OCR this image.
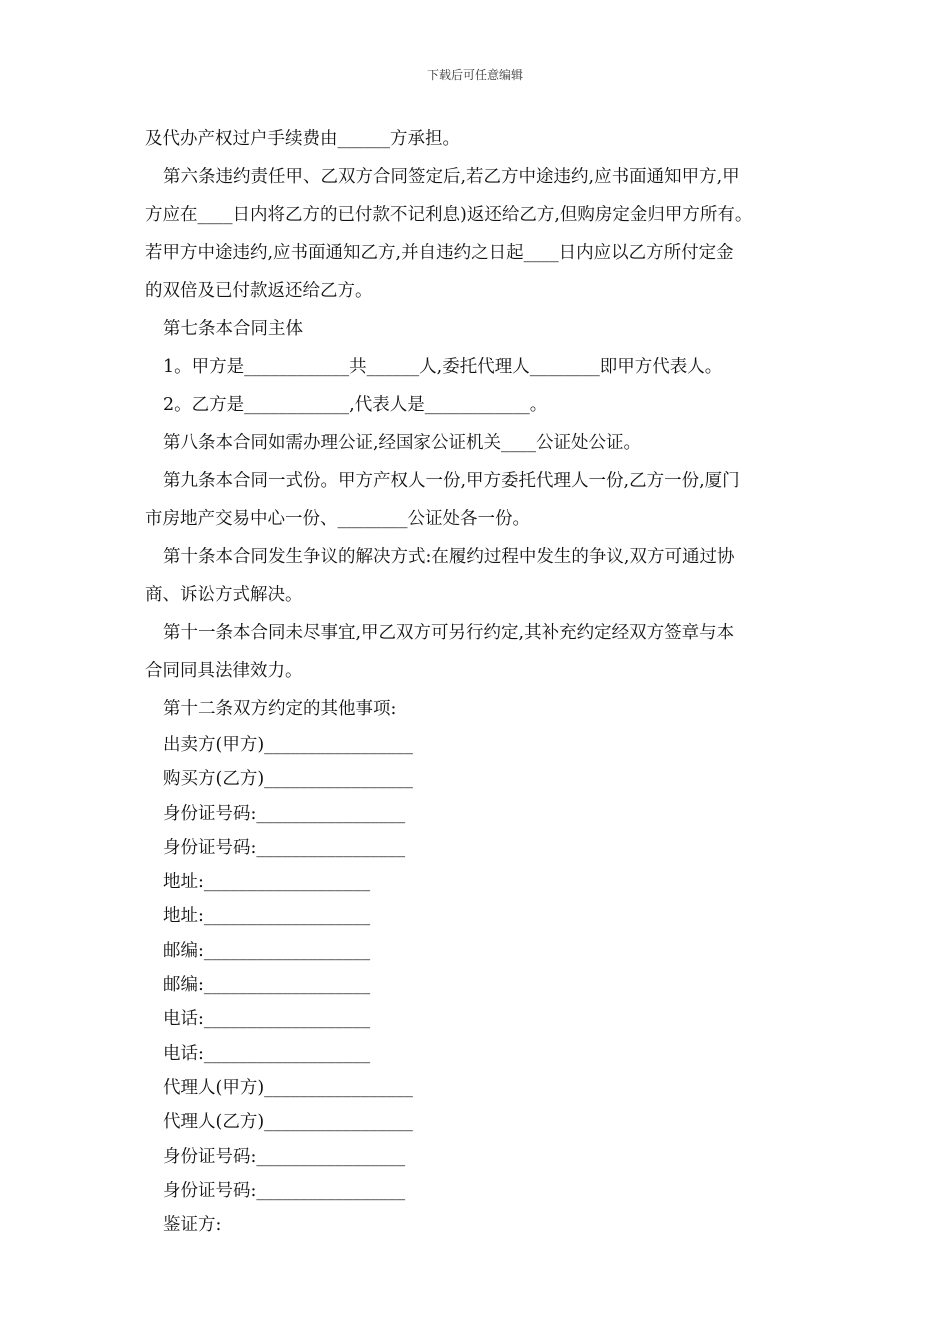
下载后可任意编辑

及代办产权过户手续费由______方承担。

第六条违约责任甲、乙双方合同签定后,若乙方中途违约,应书面通知甲方,甲

方应在____日内将乙方的已付款不记利息)返还给乙方,但购房定金归甲方所有。

若甲方中途违约,应书面通知乙方,并自违约之日起____日内应以乙方所付定金

的双倍及已付款返还给乙方。

第七条本合同主体

1。甲方是____________共______人,委托代理人________即甲方代表人。

2。乙方是____________,代表人是____________。

第八条本合同如需办理公证,经国家公证机关____公证处公证。

第九条本合同一式份。甲方产权人一份,甲方委托代理人一份,乙方一份,厦门

市房地产交易中心一份、________公证处各一份。

第十条本合同发生争议的解决方式:在履约过程中发生的争议,双方可通过协

商、诉讼方式解决。

第十一条本合同未尽事宜,甲乙双方可另行约定,其补充约定经双方签章与本

合同同具法律效力。

第十二条双方约定的其他事项:

出卖方(甲方)_________________

购买方(乙方)_________________

身份证号码:_________________

身份证号码:_________________

地址:___________________

地址:___________________

邮编:___________________

邮编:___________________

电话:___________________

电话:___________________

代理人(甲方)_________________

代理人(乙方)_________________

身份证号码:_________________

身份证号码:_________________

鉴证方:
